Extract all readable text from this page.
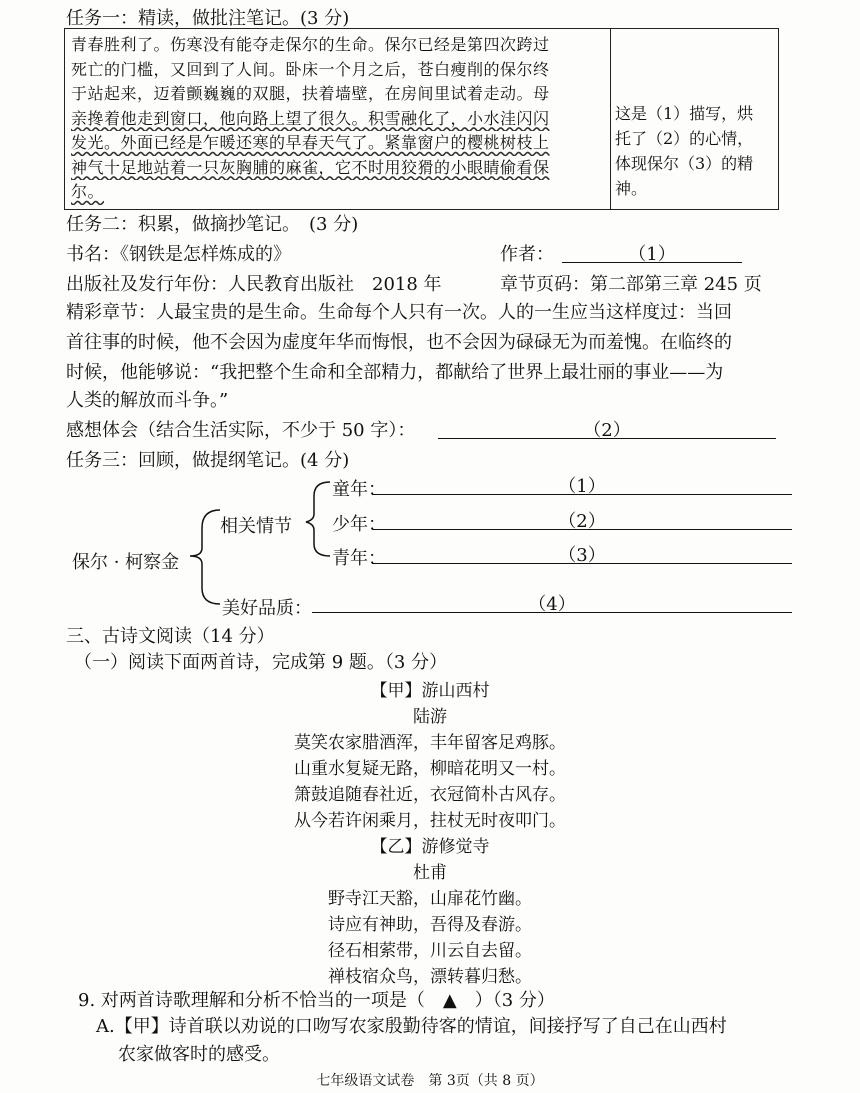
任务一：精读，做批注笔记。(3 分)
青春胜利了。伤寒没有能夺走保尔的生命。保尔已经是第四次跨过
死亡的门槛，又回到了人间。卧床一个月之后，苍白瘦削的保尔终
于站起来，迈着颤巍巍的双腿，扶着墙壁，在房间里试着走动。母
亲搀着他走到窗口，他向路上望了很久。积雪融化了，小水洼闪闪
发光。外面已经是乍暖还寒的早春天气了。紧靠窗户的樱桃树枝上
神气十足地站着一只灰胸脯的麻雀，它不时用狡猾的小眼睛偷看保
尔。

这是（1）描写，烘
托了（2）的心情，
体现保尔（3）的精
神。
任务二：积累，做摘抄笔记。　(3 分)
书名：《钢铁是怎样炼成的》	作者：	（1）
出版社及发行年份：人民教育出版社　2018 年	章节页码：第二部第三章 245 页
精彩章节：人最宝贵的是生命。生命每个人只有一次。人的一生应当这样度过：当回
首往事的时候，他不会因为虚度年华而悔恨，也不会因为碌碌无为而羞愧。在临终的
时候，他能够说：“我把整个生命和全部精力，都献给了世界上最壮丽的事业——为
人类的解放而斗争。”
感想体会（结合生活实际，不少于 50 字）：	（2）
任务三：回顾，做提纲笔记。(4 分)
保尔 · 柯察金
相关情节
童年：	（1）
少年：	（2）
青年：	（3）
美好品质：	（4）
三、古诗文阅读（14 分）
（一）阅读下面两首诗，完成第 9 题。（3 分）
【甲】游山西村
陆游
莫笑农家腊酒浑，丰年留客足鸡豚。
山重水复疑无路，柳暗花明又一村。
箫鼓追随春社近，衣冠简朴古风存。
从今若许闲乘月，拄杖无时夜叩门。
【乙】游修觉寺
杜甫
野寺江天豁，山扉花竹幽。
诗应有神助，吾得及春游。
径石相萦带，川云自去留。
禅枝宿众鸟，漂转暮归愁。
9. 对两首诗歌理解和分析不恰当的一项是（　▲　）（3 分）
A.【甲】诗首联以劝说的口吻写农家殷勤待客的情谊，间接抒写了自己在山西村
农家做客时的感受。
七年级语文试卷　第 3页（共 8 页）
